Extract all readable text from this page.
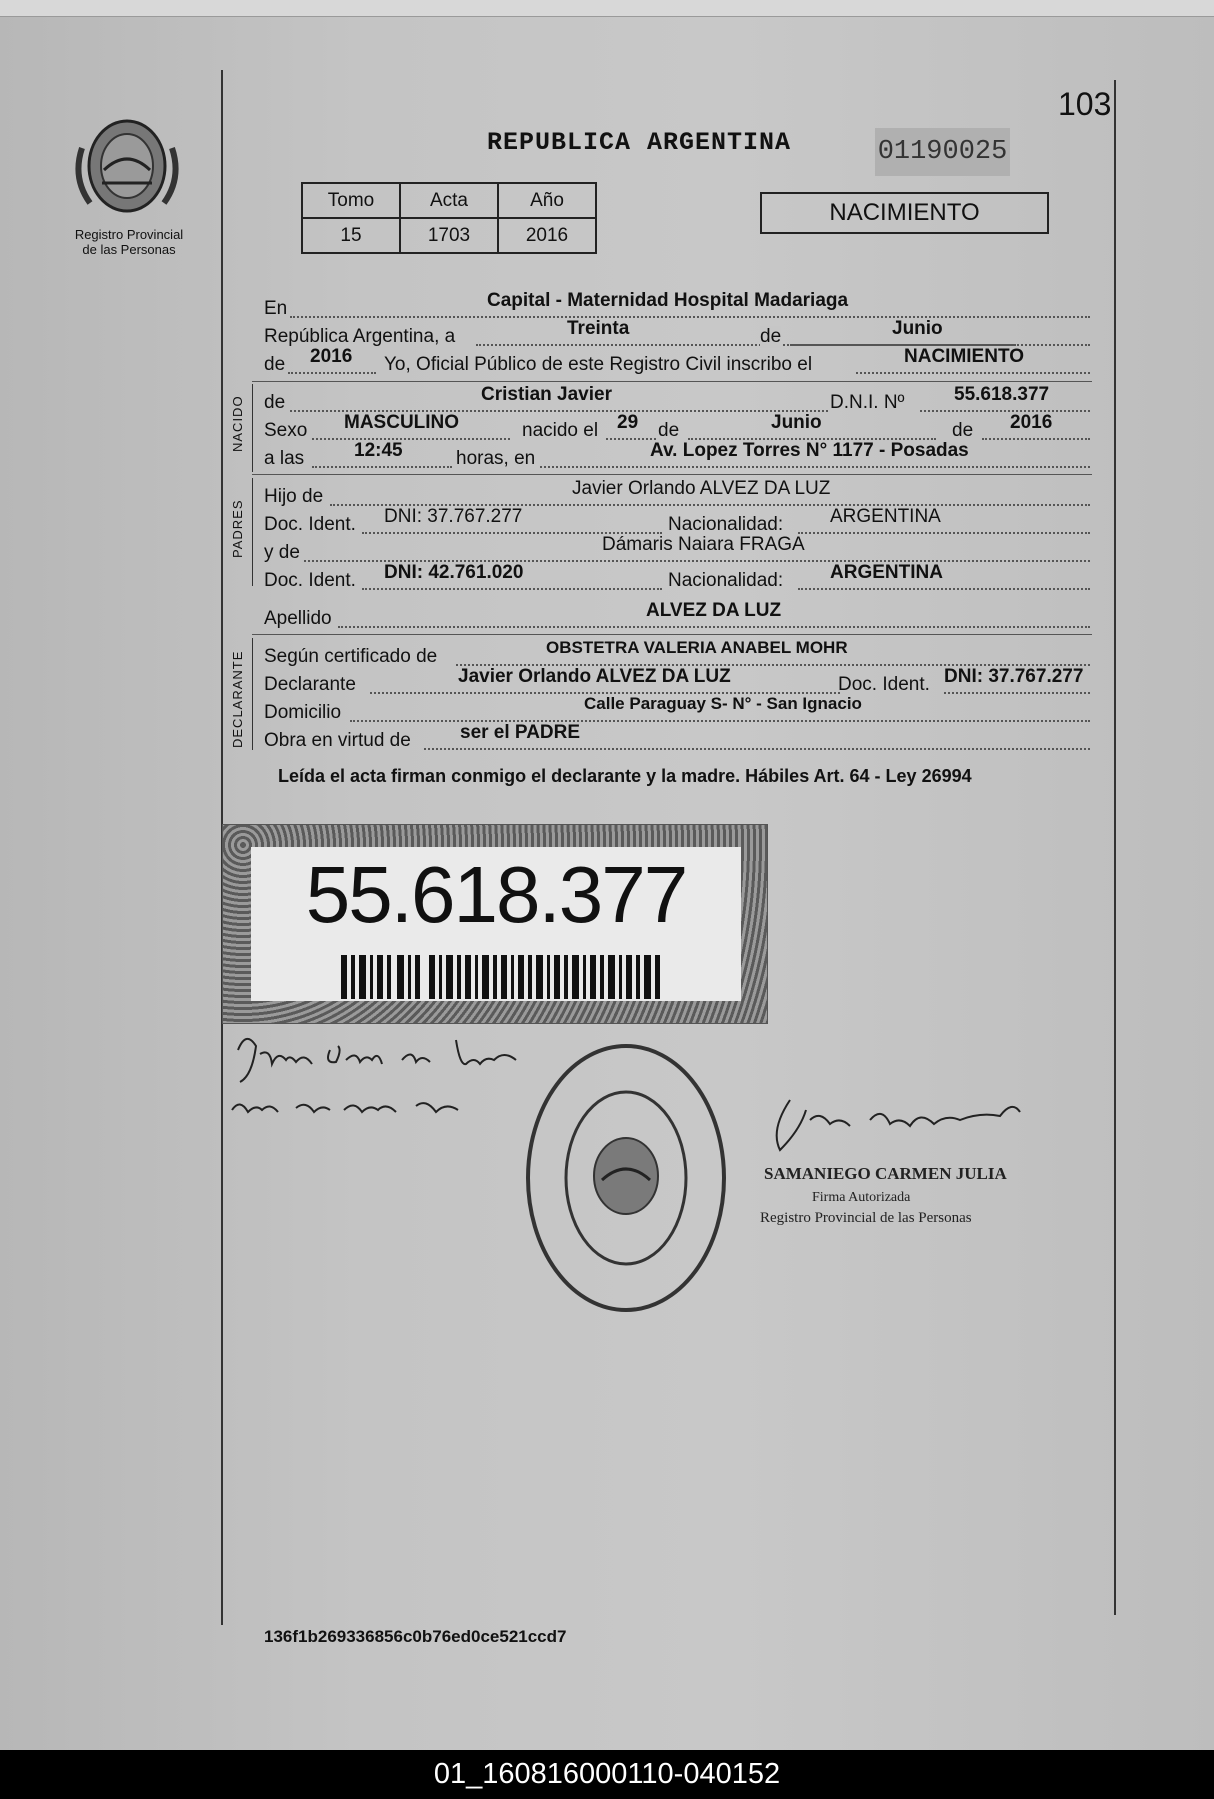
103
Registro Provincial
de las Personas
REPUBLICA ARGENTINA	01190025
Tomo	Acta	Año
15	1703	2016
NACIMIENTO
En	Capital - Maternidad Hospital Madariaga
República Argentina, a	Treinta	de	Junio
de 2016 Yo, Oficial Público de este Registro Civil inscribo el	NACIMIENTO
NACIDO de	Cristian Javier	D.N.I. Nº	55.618.377
Sexo MASCULINO	nacido el 29 de	Junio	de 2016
a las	12:45	horas, en	Av. Lopez Torres N° 1177 - Posadas
PADRES
Hijo de	Javier Orlando ALVEZ DA LUZ
Doc. Ident. DNI: 37.767.277	Nacionalidad: ARGENTINA
y de	Dámaris Naiara FRAGA
Doc. Ident. DNI: 42.761.020	Nacionalidad: ARGENTINA
Apellido	ALVEZ DA LUZ
DECLARANTE Según certificado de	OBSTETRA VALERIA ANABEL MOHR
Declarante	Javier Orlando ALVEZ DA LUZ	Doc. Ident. DNI: 37.767.277
Domicilio	Calle Paraguay S- N° - San Ignacio
Obra en virtud de	ser el PADRE
Leída el acta firman conmigo el declarante y la madre. Hábiles Art. 64 - Ley 26994
55.618.377
SAMANIEGO CARMEN JULIA
Firma Autorizada
Registro Provincial de las Personas
136f1b269336856c0b76ed0ce521ccd7
01_160816000110-040152
